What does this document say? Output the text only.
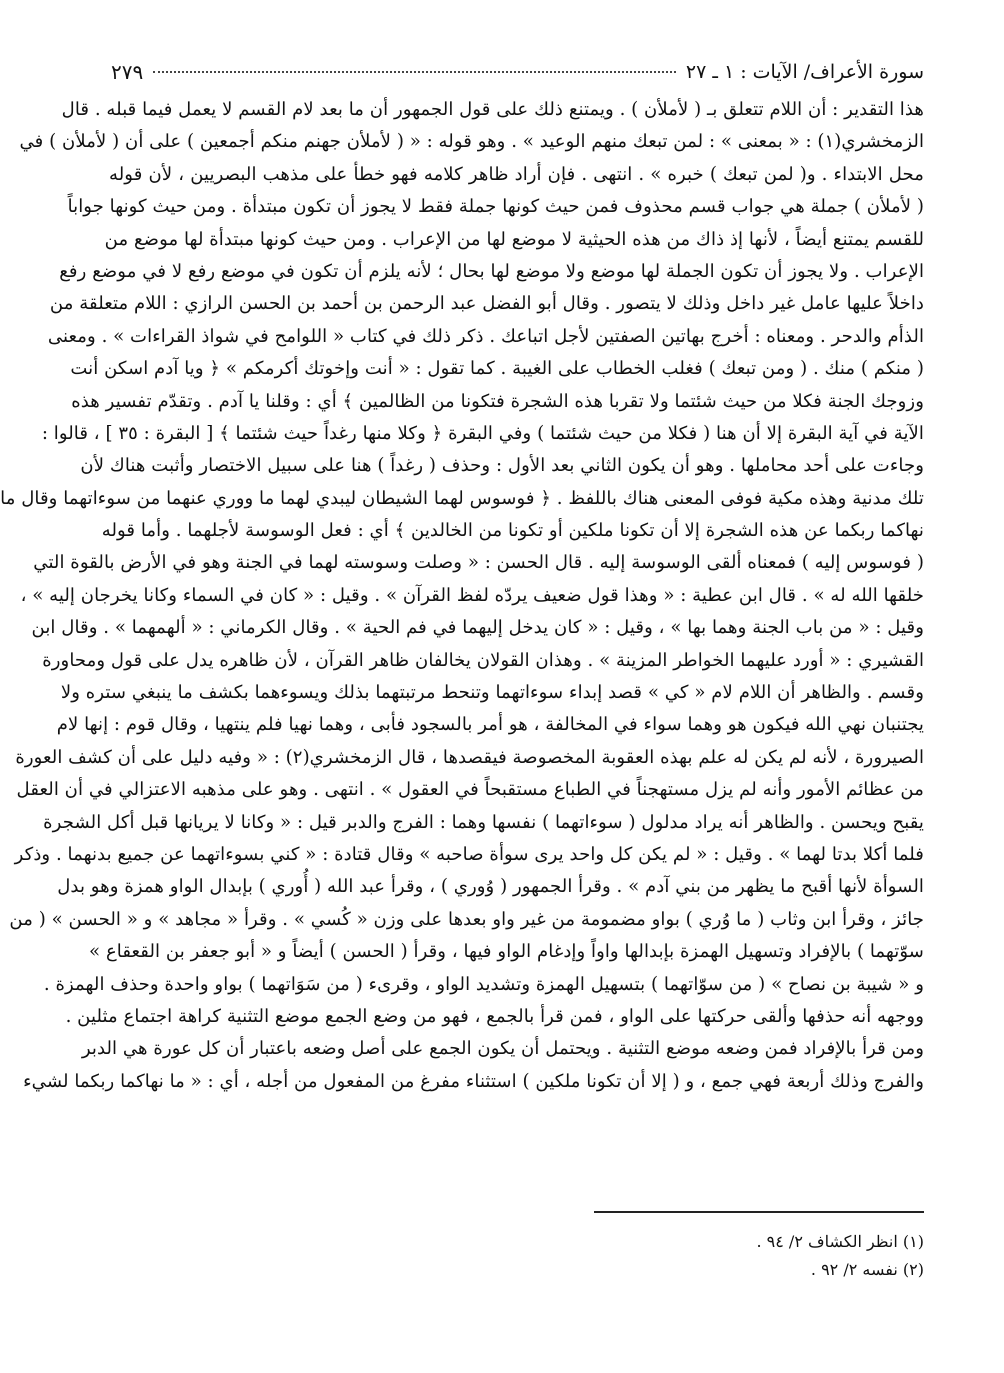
سورة الأعراف/ الآيات : ١ ـ ٢٧
٢٧٩
هذا التقدير : أن اللام تتعلق بـ ( لأملأن ) . ويمتنع ذلك على قول الجمهور أن ما بعد لام القسم لا يعمل فيما قبله . قال
الزمخشري(١) : « بمعنى » : لمن تبعك منهم الوعيد » . وهو قوله : « ( لأملأن جهنم منكم أجمعين ) على أن ( لأملأن ) في
محل الابتداء . و( لمن تبعك ) خبره » . انتهى . فإن أراد ظاهر كلامه فهو خطأ على مذهب البصريين ، لأن قوله
( لأملأن ) جملة هي جواب قسم محذوف فمن حيث كونها جملة فقط لا يجوز أن تكون مبتدأة . ومن حيث كونها جواباً
للقسم يمتنع أيضاً ، لأنها إذ ذاك من هذه الحيثية لا موضع لها من الإعراب . ومن حيث كونها مبتدأة لها موضع من
الإعراب . ولا يجوز أن تكون الجملة لها موضع ولا موضع لها بحال ؛ لأنه يلزم أن تكون في موضع رفع لا في موضع رفع
داخلاً عليها عامل غير داخل وذلك لا يتصور . وقال أبو الفضل عبد الرحمن بن أحمد بن الحسن الرازي : اللام متعلقة من
الذأم والدحر . ومعناه : أخرج بهاتين الصفتين لأجل اتباعك . ذكر ذلك في كتاب « اللوامح في شواذ القراءات » . ومعنى
( منكم ) منك . ( ومن تبعك ) فغلب الخطاب على الغيبة . كما تقول : « أنت وإخوتك أكرمكم » ﴿ ويا آدم اسكن أنت
وزوجك الجنة فكلا من حيث شئتما ولا تقربا هذه الشجرة فتكونا من الظالمين ﴾ أي : وقلنا يا آدم . وتقدّم تفسير هذه
الآية في آية البقرة إلا أن هنا ( فكلا من حيث شئتما ) وفي البقرة ﴿ وكلا منها رغداً حيث شئتما ﴾ [ البقرة : ٣٥ ] ، قالوا :
وجاءت على أحد محاملها . وهو أن يكون الثاني بعد الأول : وحذف ( رغداً ) هنا على سبيل الاختصار وأثبت هناك لأن
تلك مدنية وهذه مكية فوفى المعنى هناك باللفظ . ﴿ فوسوس لهما الشيطان ليبدي لهما ما ووري عنهما من سوءاتهما وقال ما
نهاكما ربكما عن هذه الشجرة إلا أن تكونا ملكين أو تكونا من الخالدين ﴾ أي : فعل الوسوسة لأجلهما . وأما قوله
( فوسوس إليه ) فمعناه ألقى الوسوسة إليه . قال الحسن : « وصلت وسوسته لهما في الجنة وهو في الأرض بالقوة التي
خلقها الله له » . قال ابن عطية : « وهذا قول ضعيف يردّه لفظ القرآن » . وقيل : « كان في السماء وكانا يخرجان إليه » ،
وقيل : « من باب الجنة وهما بها » ، وقيل : « كان يدخل إليهما في فم الحية » . وقال الكرماني : « ألهمهما » . وقال ابن
القشيري : « أورد عليهما الخواطر المزينة » . وهذان القولان يخالفان ظاهر القرآن ، لأن ظاهره يدل على قول ومحاورة
وقسم . والظاهر أن اللام لام « كي » قصد إبداء سوءاتهما وتنحط مرتبتهما بذلك ويسوءهما بكشف ما ينبغي ستره ولا
يجتنبان نهي الله فيكون هو وهما سواء في المخالفة ، هو أمر بالسجود فأبى ، وهما نهيا فلم ينتهيا ، وقال قوم : إنها لام
الصيرورة ، لأنه لم يكن له علم بهذه العقوبة المخصوصة فيقصدها ، قال الزمخشري(٢) : « وفيه دليل على أن كشف العورة
من عظائم الأمور وأنه لم يزل مستهجناً في الطباع مستقبحاً في العقول » . انتهى . وهو على مذهبه الاعتزالي في أن العقل
يقبح ويحسن . والظاهر أنه يراد مدلول ( سوءاتهما ) نفسها وهما : الفرج والدبر قيل : « وكانا لا يريانها قبل أكل الشجرة
فلما أكلا بدتا لهما » . وقيل : « لم يكن كل واحد يرى سوأة صاحبه » وقال قتادة : « كني بسوءاتهما عن جميع بدنهما . وذكر
السوأة لأنها أقبح ما يظهر من بني آدم » . وقرأ الجمهور ( وُوري ) ، وقرأ عبد الله ( أُوري ) بإبدال الواو همزة وهو بدل
جائز ، وقرأ ابن وثاب ( ما وُري ) بواو مضمومة من غير واو بعدها على وزن « كُسي » . وقرأ « مجاهد » و « الحسن » ( من
سوّتهما ) بالإفراد وتسهيل الهمزة بإبدالها واواً وإدغام الواو فيها ، وقرأ ( الحسن ) أيضاً و « أبو جعفر بن القعقاع »
و « شيبة بن نصاح » ( من سوّاتهما ) بتسهيل الهمزة وتشديد الواو ، وقرىء ( من سَوَاتهما ) بواو واحدة وحذف الهمزة .
ووجهه أنه حذفها وألقى حركتها على الواو ، فمن قرأ بالجمع ، فهو من وضع الجمع موضع التثنية كراهة اجتماع مثلين .
ومن قرأ بالإفراد فمن وضعه موضع التثنية . ويحتمل أن يكون الجمع على أصل وضعه باعتبار أن كل عورة هي الدبر
والفرج وذلك أربعة فهي جمع ، و ( إلا أن تكونا ملكين ) استثناء مفرغ من المفعول من أجله ، أي : « ما نهاكما ربكما لشيء
(١) انظر الكشاف ٢/ ٩٤ .
(٢) نفسه ٢/ ٩٢ .
